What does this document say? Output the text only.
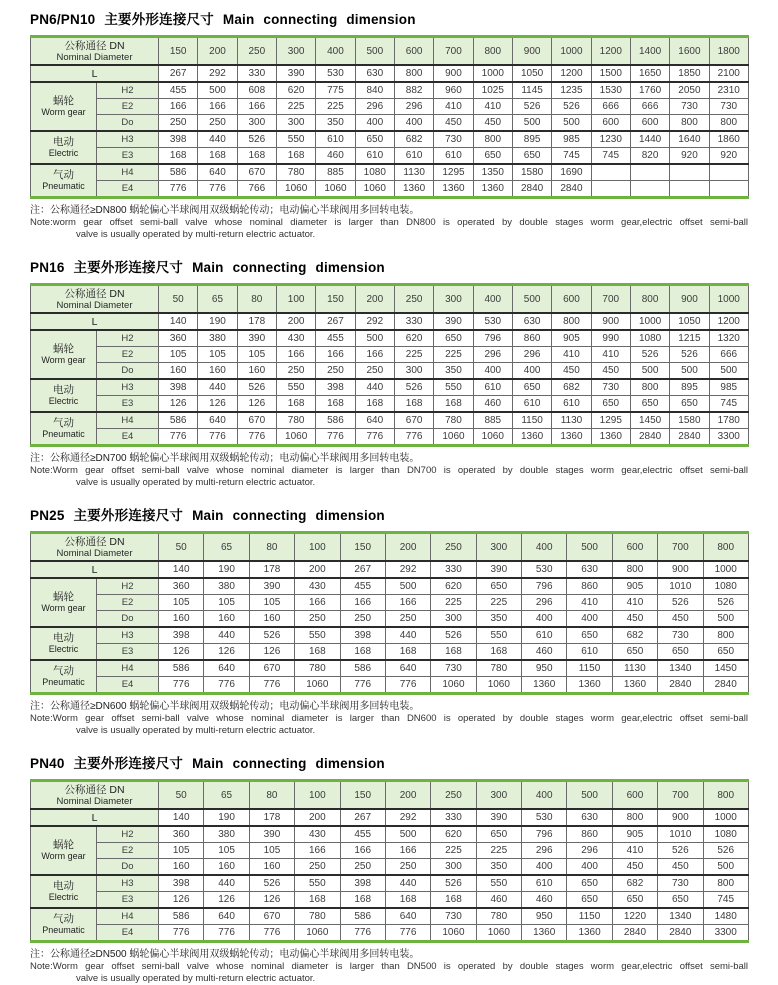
PN6/PN10 主要外形连接尺寸 Main connecting dimension
公称通径 DN
Nominal Diameter		150	200	250	300	400	500	600	700	800	900	1000	1200	1400	1600	1800
L		267	292	330	390	530	630	800	900	1000	1050	1200	1500	1650	1850	2100

蜗轮
Worm gear	H2	455	500	608	620	775	840	882	960	1025	1145	1235	1530	1760	2050	2310
	E2	166	166	166	225	225	296	296	410	410	526	526	666	666	730	730
	Do	250	250	300	300	350	400	400	450	450	500	500	600	600	800	800

电动
Electric	H3	398	440	526	550	610	650	682	730	800	895	985	1230	1440	1640	1860
	E3	168	168	168	168	460	610	610	610	650	650	745	745	820	920	920

气动
Pneumatic	H4	586	640	670	780	885	1080	1130	1295	1350	1580	1690				
	E4	776	776	766	1060	1060	1060	1360	1360	1360	2840	2840				
注：公称通径≥DN800 蜗轮偏心半球阀用双级蜗轮传动；电动偏心半球阀用多回转电装。
Note:worm gear offset semi-ball valve whose nominal diameter is larger than DN800 is operated by double stages worm gear,electric offset semi-ball
valve is usually operated by multi-return electric actuator.
PN16 主要外形连接尺寸 Main connecting dimension
公称通径 DN
Nominal Diameter		50	65	80	100	150	200	250	300	400	500	600	700	800	900	1000
L		140	190	178	200	267	292	330	390	530	630	800	900	1000	1050	1200

蜗轮
Worm gear	H2	360	380	390	430	455	500	620	650	796	860	905	990	1080	1215	1320
	E2	105	105	105	166	166	166	225	225	296	296	410	410	526	526	666
	Do	160	160	160	250	250	250	300	350	400	400	450	450	500	500	500

电动
Electric	H3	398	440	526	550	398	440	526	550	610	650	682	730	800	895	985
	E3	126	126	126	168	168	168	168	168	460	610	610	650	650	650	745

气动
Pneumatic	H4	586	640	670	780	586	640	670	780	885	1150	1130	1295	1450	1580	1780
	E4	776	776	776	1060	776	776	776	1060	1060	1360	1360	1360	2840	2840	3300
注：公称通径≥DN700 蜗轮偏心半球阀用双级蜗轮传动；电动偏心半球阀用多回转电装。
Note:Worm gear offset semi-ball valve whose nominal diameter is larger than DN700 is operated by double stages worm gear,electric offset semi-ball
valve is usually operated by multi-return electric actuator.
PN25 主要外形连接尺寸 Main connecting dimension
公称通径 DN
Nominal Diameter		50	65	80	100	150	200	250	300	400	500	600	700	800
L		140	190	178	200	267	292	330	390	530	630	800	900	1000

蜗轮
Worm gear	H2	360	380	390	430	455	500	620	650	796	860	905	1010	1080
	E2	105	105	105	166	166	166	225	225	296	410	410	526	526
	Do	160	160	160	250	250	250	300	350	400	400	450	450	500

电动
Electric	H3	398	440	526	550	398	440	526	550	610	650	682	730	800
	E3	126	126	126	168	168	168	168	168	460	610	650	650	650

气动
Pneumatic	H4	586	640	670	780	586	640	730	780	950	1150	1130	1340	1450
	E4	776	776	776	1060	776	776	1060	1060	1360	1360	1360	2840	2840
注：公称通径≥DN600 蜗轮偏心半球阀用双级蜗轮传动；电动偏心半球阀用多回转电装。
Note:Worm gear offset semi-ball valve whose nominal diameter is larger than DN600 is operated by double stages worm gear,electric offset semi-ball
valve is usually operated by multi-return electric actuator.
PN40 主要外形连接尺寸 Main connecting dimension
公称通径 DN
Nominal Diameter		50	65	80	100	150	200	250	300	400	500	600	700	800
L		140	190	178	200	267	292	330	390	530	630	800	900	1000

蜗轮
Worm gear	H2	360	380	390	430	455	500	620	650	796	860	905	1010	1080
	E2	105	105	105	166	166	166	225	225	296	296	410	526	526
	Do	160	160	160	250	250	250	300	350	400	400	450	450	500

电动
Electric	H3	398	440	526	550	398	440	526	550	610	650	682	730	800
	E3	126	126	126	168	168	168	168	460	460	650	650	650	745

气动
Pneumatic	H4	586	640	670	780	586	640	730	780	950	1150	1220	1340	1480
	E4	776	776	776	1060	776	776	1060	1060	1360	1360	2840	2840	3300
注：公称通径≥DN500 蜗轮偏心半球阀用双级蜗轮传动；电动偏心半球阀用多回转电装。
Note:Worm gear offset semi-ball valve whose nominal diameter is larger than DN500 is operated by double stages worm gear,electric offset semi-ball
valve is usually operated by multi-return electric actuator.
